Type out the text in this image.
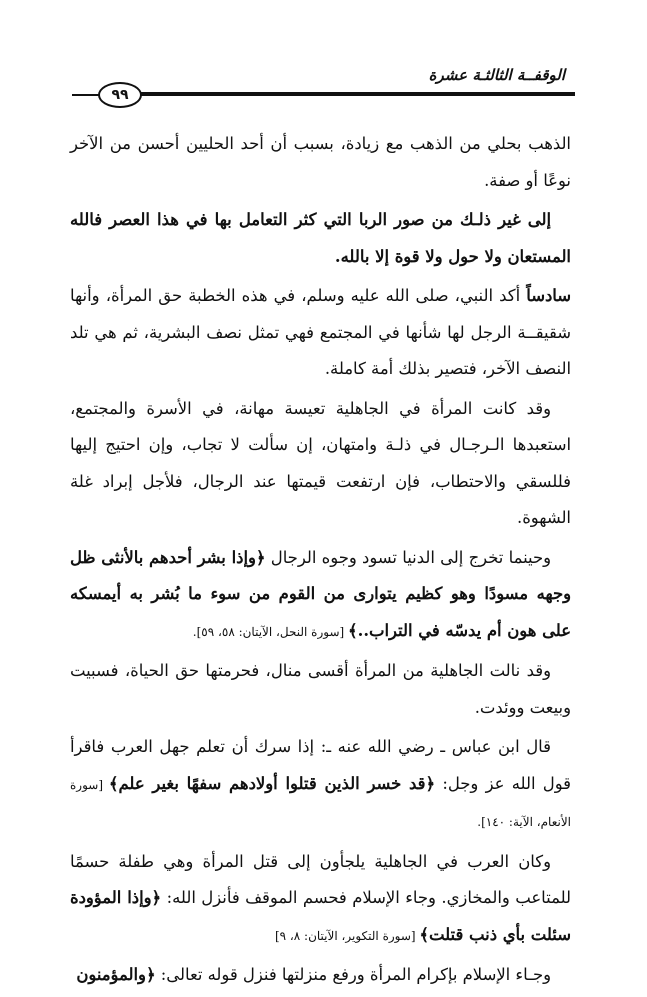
الوقفــة الثالثـة عشرة
٩٩

الذهب بحلي من الذهب مع زيادة، بسبب أن أحد الحليين أحسن من الآخر نوعًا أو صفة.

إلى غير ذلـك من صور الربا التي كثر التعامل بها في هذا العصر فالله المستعان ولا حول ولا قوة إلا بالله.

سادساً أكد النبي، صلى الله عليه وسلم، في هذه الخطبة حق المرأة، وأنها شقيقــة الرجل لها شأنها في المجتمع فهي تمثل نصف البشرية، ثم هي تلد النصف الآخر، فتصير بذلك أمة كاملة.

وقد كانت المرأة في الجاهلية تعيسة مهانة، في الأسرة والمجتمع، استعبدها الـرجـال في ذلـة وامتهان، إن سألت لا تجاب، وإن احتيج إليها فللسقي والاحتطاب، فإن ارتفعت قيمتها عند الرجال، فلأجل إبراد غلة الشهوة.

وحينما تخرج إلى الدنيا تسود وجوه الرجال ﴿وإذا بشر أحدهم بالأنثى ظل وجهه مسودًا وهو كظيم يتوارى من القوم من سوء ما بُشر به أيمسكه على هون أم يدسّه في التراب..﴾ [سورة النحل، الآيتان: ٥٨، ٥٩].

وقد نالت الجاهلية من المرأة أقسى منال، فحرمتها حق الحياة، فسبيت وبيعت ووئدت.

قال ابن عباس ـ رضي الله عنه ـ: إذا سرك أن تعلم جهل العرب فاقرأ قول الله عز وجل: ﴿قد خسر الذين قتلوا أولادهم سفهًا بغير علم﴾ [سورة الأنعام، الآية: ١٤٠].

وكان العرب في الجاهلية يلجأون إلى قتل المرأة وهي طفلة حسمًا للمتاعب والمخازي. وجاء الإسلام فحسم الموقف فأنزل الله: ﴿وإذا المؤودة سئلت بأي ذنب قتلت﴾ [سورة التكوير، الآيتان: ٨، ٩]

وجـاء الإسلام بإكرام المرأة ورفع منزلتها فنزل قوله تعالى: ﴿والمؤمنون
